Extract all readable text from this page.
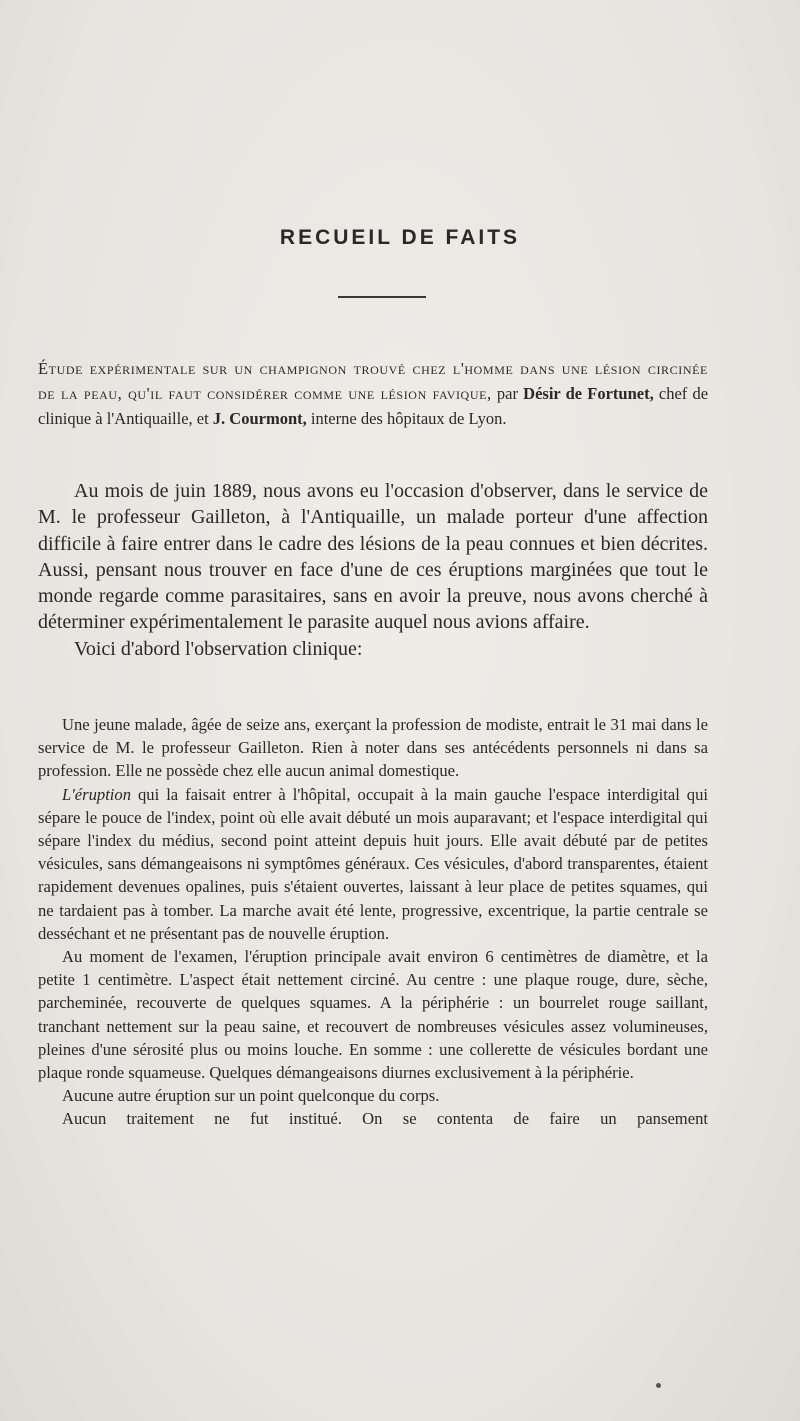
RECUEIL DE FAITS
Étude expérimentale sur un champignon trouvé chez l'homme dans une lésion circinée de la peau, qu'il faut considérer comme une lésion favique, par Désir de Fortunet, chef de clinique à l'Antiquaille, et J. Courmont, interne des hôpitaux de Lyon.

Au mois de juin 1889, nous avons eu l'occasion d'observer, dans le service de M. le professeur Gailleton, à l'Antiquaille, un malade porteur d'une affection difficile à faire entrer dans le cadre des lésions de la peau connues et bien décrites. Aussi, pensant nous trouver en face d'une de ces éruptions marginées que tout le monde regarde comme parasitaires, sans en avoir la preuve, nous avons cherché à déterminer expérimentalement le parasite auquel nous avions affaire.

Voici d'abord l'observation clinique:

Une jeune malade, âgée de seize ans, exerçant la profession de modiste, entrait le 31 mai dans le service de M. le professeur Gailleton. Rien à noter dans ses antécédents personnels ni dans sa profession. Elle ne possède chez elle aucun animal domestique.

L'éruption qui la faisait entrer à l'hôpital, occupait à la main gauche l'espace interdigital qui sépare le pouce de l'index, point où elle avait débuté un mois auparavant; et l'espace interdigital qui sépare l'index du médius, second point atteint depuis huit jours. Elle avait débuté par de petites vésicules, sans démangeaisons ni symptômes généraux. Ces vésicules, d'abord transparentes, étaient rapidement devenues opalines, puis s'étaient ouvertes, laissant à leur place de petites squames, qui ne tardaient pas à tomber. La marche avait été lente, progressive, excentrique, la partie centrale se desséchant et ne présentant pas de nouvelle éruption.

Au moment de l'examen, l'éruption principale avait environ 6 centimètres de diamètre, et la petite 1 centimètre. L'aspect était nettement circiné. Au centre : une plaque rouge, dure, sèche, parcheminée, recouverte de quelques squames. A la périphérie : un bourrelet rouge saillant, tranchant nettement sur la peau saine, et recouvert de nombreuses vésicules assez volumineuses, pleines d'une sérosité plus ou moins louche. En somme : une collerette de vésicules bordant une plaque ronde squameuse. Quelques démangeaisons diurnes exclusivement à la périphérie.

Aucune autre éruption sur un point quelconque du corps.

Aucun traitement ne fut institué. On se contenta de faire un pansement
